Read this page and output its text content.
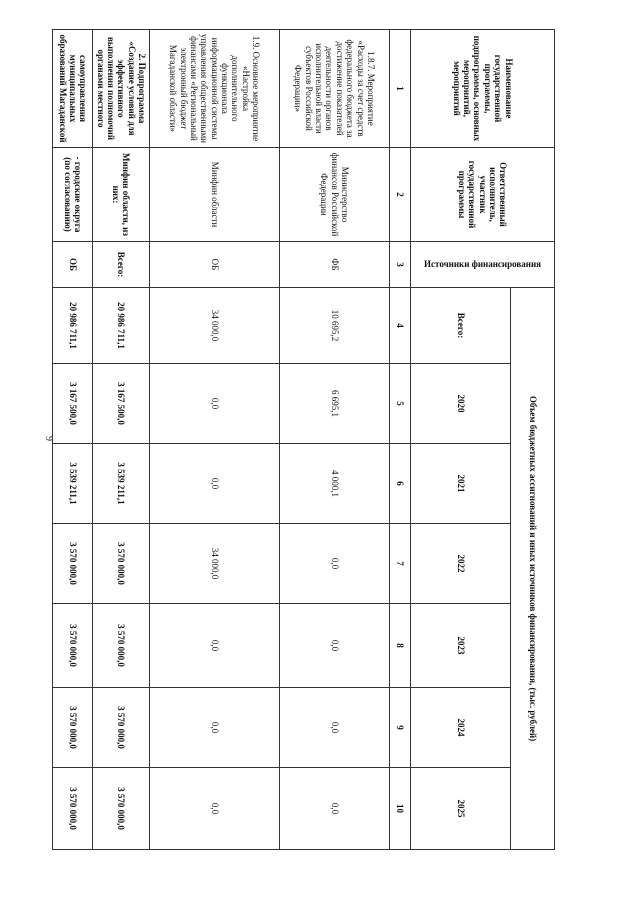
9
Наименование государственной программы, подпрограммы, основных мероприятий, мероприятий	Ответственный исполнитель, участник государственной программы	Источники финансирования	Объем бюджетных ассигнований и иных источников финансирования, (тыс. рублей)						
			Всего:	2020	2021	2022	2023	2024	2025
1	2	3	4	5	6	7	8	9	10
1.8.7. Мероприятие «Расходы за счет средств федерального бюджета за достижение показателей деятельности органов исполнительной власти субъектов Российской Федерации»	Министерство финансов Российской Федерации	ФБ	10 695,2	6 695,1	4 000,1	0,0	0,0	0,0	0,0
1.9. Основное мероприятие «Настройка дополнительного функционала информационной системы управления общественными финансами «Региональный электронный бюджет Магаданской области»	Минфин области	ОБ	34 000,0	0,0	0,0	34 000,0	0,0	0,0	0,0
2. Подпрограмма «Создание условий для эффективного выполнения полномочий органами местного	Минфин области, из них:	Всего:	20 986 711,1	3 167 500,0	3 539 211,1	3 570 000,0	3 570 000,0	3 570 000,0	3 570 000,0
самоуправления муниципальных образований Магаданской	- городские округа (по согласованию)	ОБ	20 986 711,1	3 167 500,0	3 539 211,1	3 570 000,0	3 570 000,0	3 570 000,0	3 570 000,0
